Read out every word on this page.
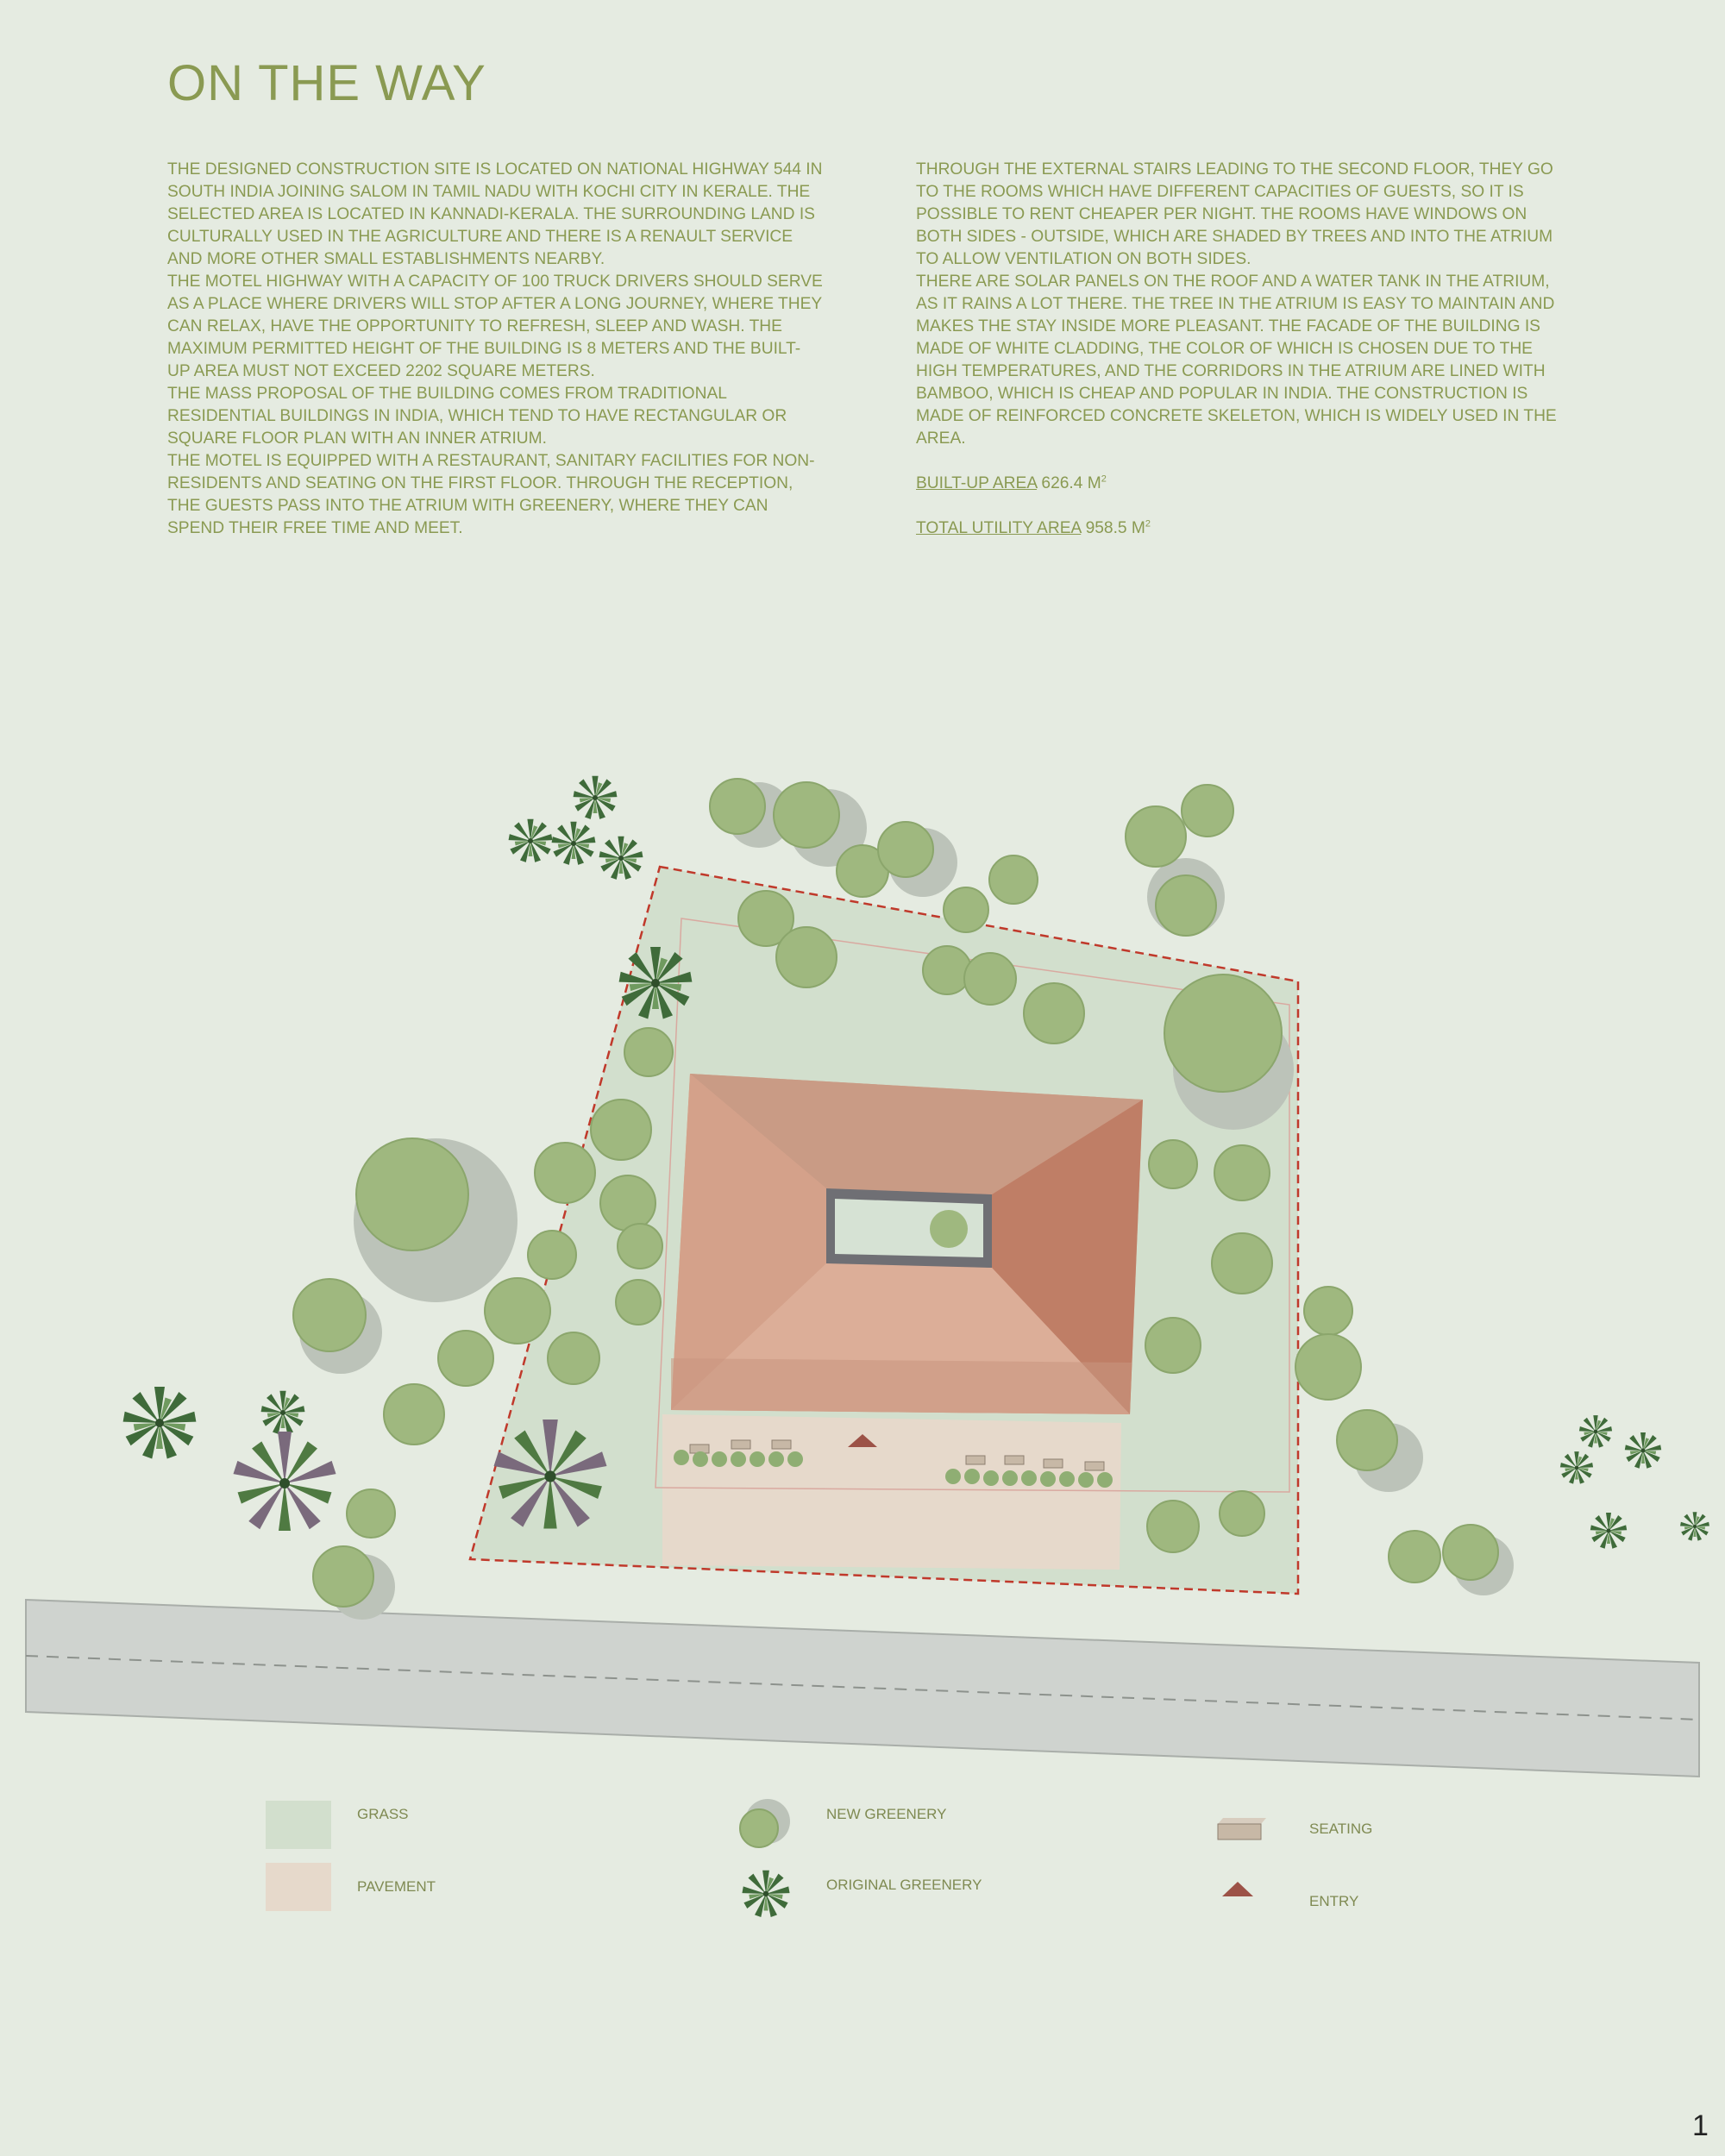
ON THE WAY

THE DESIGNED CONSTRUCTION SITE IS LOCATED ON NATIONAL HIGHWAY 544 IN SOUTH INDIA JOINING SALOM IN TAMIL NADU WITH KOCHI CITY IN KERALE. THE SELECTED AREA IS LOCATED IN KANNADI-KERALA. THE SURROUNDING LAND IS CULTURALLY USED IN THE AGRICULTURE AND THERE IS A RENAULT SERVICE AND MORE OTHER SMALL ESTABLISHMENTS NEARBY.

THE MOTEL HIGHWAY WITH A CAPACITY OF 100 TRUCK DRIVERS SHOULD SERVE AS A PLACE WHERE DRIVERS WILL STOP AFTER A LONG JOURNEY, WHERE THEY CAN RELAX, HAVE THE OPPORTUNITY TO REFRESH, SLEEP AND WASH. THE MAXIMUM PERMITTED HEIGHT OF THE BUILDING IS 8 METERS AND THE BUILT-UP AREA MUST NOT EXCEED 2202 SQUARE METERS.

THE MASS PROPOSAL OF THE BUILDING COMES FROM TRADITIONAL RESIDENTIAL BUILDINGS IN INDIA, WHICH TEND TO HAVE RECTANGULAR OR SQUARE FLOOR PLAN WITH AN INNER ATRIUM.

THE MOTEL IS EQUIPPED WITH A RESTAURANT, SANITARY FACILITIES FOR NON-RESIDENTS AND SEATING ON THE FIRST FLOOR. THROUGH THE RECEPTION, THE GUESTS PASS INTO THE ATRIUM WITH GREENERY, WHERE THEY CAN SPEND THEIR FREE TIME AND MEET.

THROUGH THE EXTERNAL STAIRS LEADING TO THE SECOND FLOOR, THEY GO TO THE ROOMS WHICH HAVE DIFFERENT CAPACITIES OF GUESTS, SO IT IS POSSIBLE TO RENT CHEAPER PER NIGHT. THE ROOMS HAVE WINDOWS ON BOTH SIDES - OUTSIDE, WHICH ARE SHADED BY TREES AND INTO THE ATRIUM TO ALLOW VENTILATION ON BOTH SIDES.

THERE ARE SOLAR PANELS ON THE ROOF AND A WATER TANK IN THE ATRIUM, AS IT RAINS A LOT THERE. THE TREE IN THE ATRIUM IS EASY TO MAINTAIN AND MAKES THE STAY INSIDE MORE PLEASANT. THE FACADE OF THE BUILDING IS MADE OF WHITE CLADDING, THE COLOR OF WHICH IS CHOSEN DUE TO THE HIGH TEMPERATURES, AND THE CORRIDORS IN THE ATRIUM ARE LINED WITH BAMBOO, WHICH IS CHEAP AND POPULAR IN INDIA. THE CONSTRUCTION IS MADE OF REINFORCED CONCRETE SKELETON, WHICH IS WIDELY USED IN THE AREA.

BUILT-UP AREA 626.4 $M^2$

TOTAL UTILITY AREA 958.5 $M^2$

GRASS
PAVEMENT
NEW GREENERY
ORIGINAL GREENERY
SEATING
ENTRY
1
